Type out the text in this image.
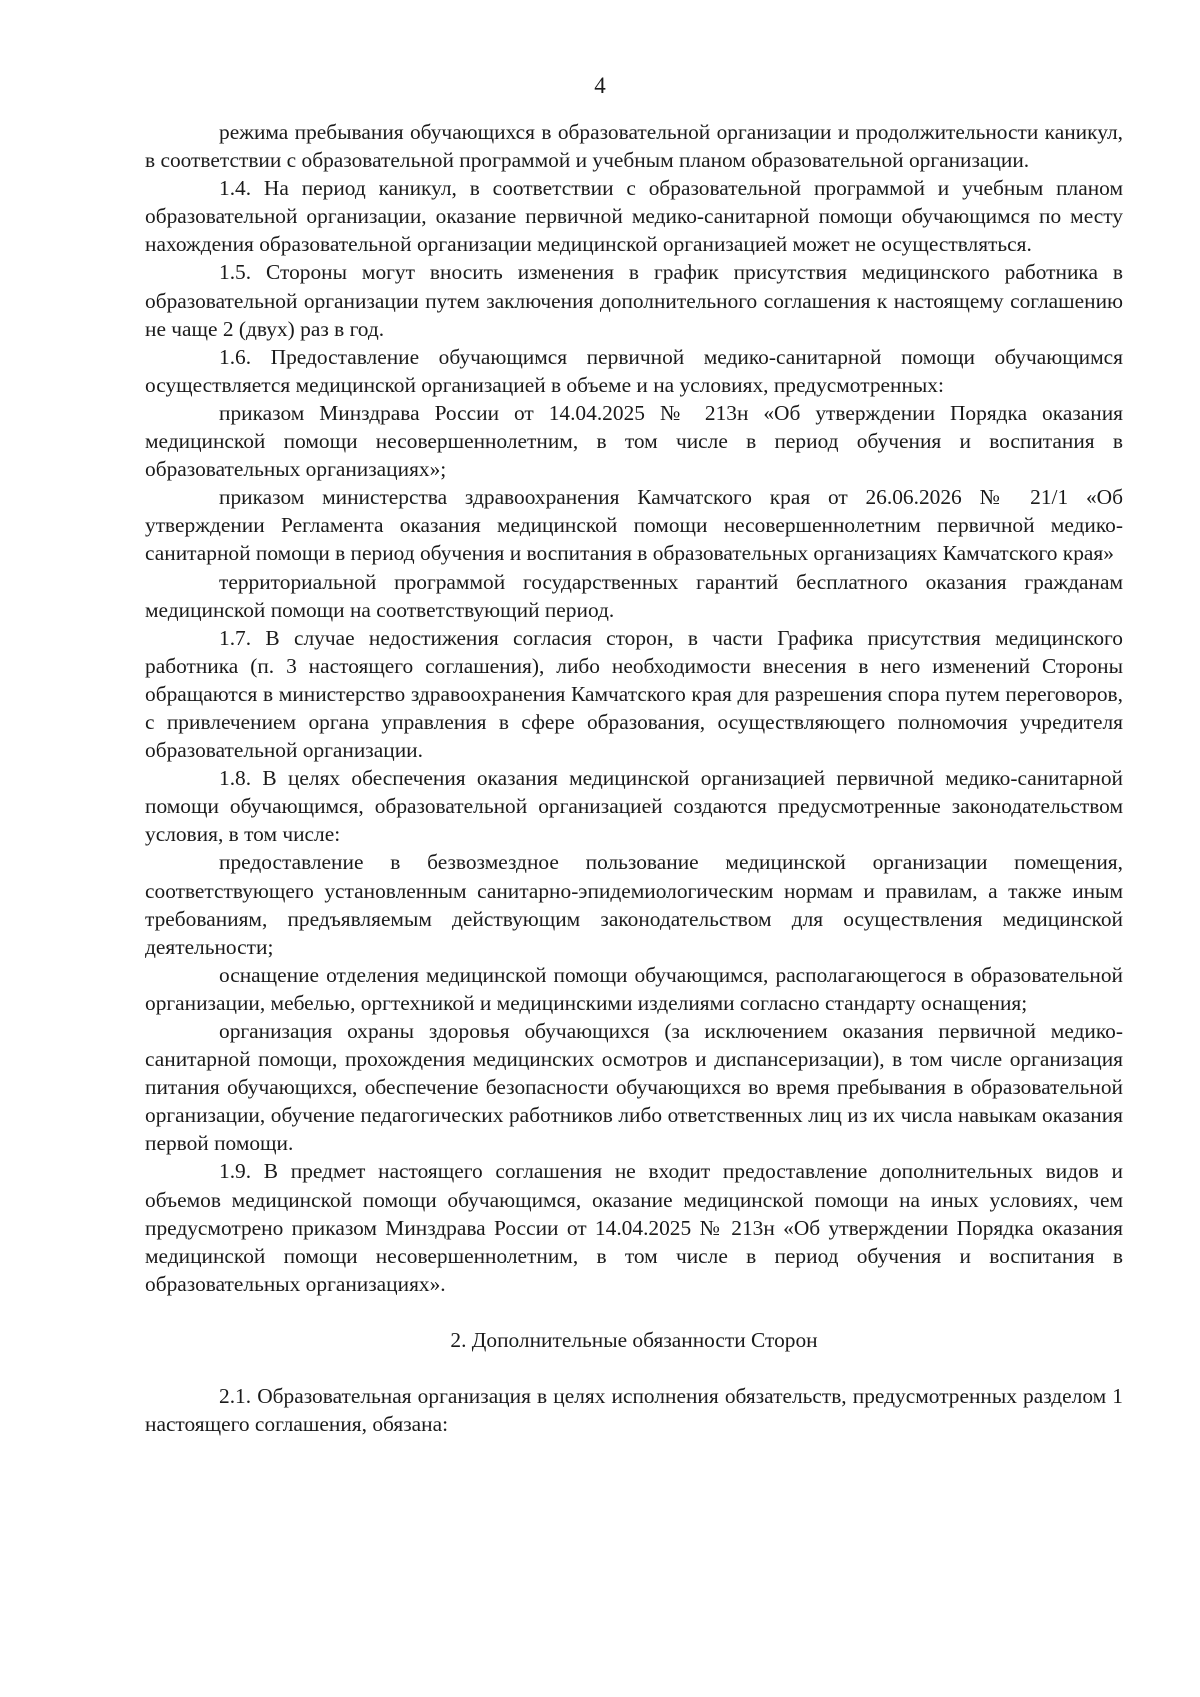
4

режима пребывания обучающихся в образовательной организации и продолжительности каникул, в соответствии с образовательной программой и учебным планом образовательной организации.

1.4. На период каникул, в соответствии с образовательной программой и учебным планом образовательной организации, оказание первичной медико-санитарной помощи обучающимся по месту нахождения образовательной организации медицинской организацией может не осуществляться.

1.5. Стороны могут вносить изменения в график присутствия медицинского работника в образовательной организации путем заключения дополнительного соглашения к настоящему соглашению не чаще 2 (двух) раз в год.

1.6. Предоставление обучающимся первичной медико-санитарной помощи обучающимся осуществляется медицинской организацией в объеме и на условиях, предусмотренных:

приказом Минздрава России от 14.04.2025 № 213н «Об утверждении Порядка оказания медицинской помощи несовершеннолетним, в том числе в период обучения и воспитания в образовательных организациях»;

приказом министерства здравоохранения Камчатского края от 26.06.2026 № 21/1 «Об утверждении Регламента оказания медицинской помощи несовершеннолетним первичной медико-санитарной помощи в период обучения и воспитания в образовательных организациях Камчатского края»

территориальной программой государственных гарантий бесплатного оказания гражданам медицинской помощи на соответствующий период.

1.7. В случае недостижения согласия сторон, в части Графика присутствия медицинского работника (п. 3 настоящего соглашения), либо необходимости внесения в него изменений Стороны обращаются в министерство здравоохранения Камчатского края для разрешения спора путем переговоров, с привлечением органа управления в сфере образования, осуществляющего полномочия учредителя образовательной организации.

1.8. В целях обеспечения оказания медицинской организацией первичной медико-санитарной помощи обучающимся, образовательной организацией создаются предусмотренные законодательством условия, в том числе:

предоставление в безвозмездное пользование медицинской организации помещения, соответствующего установленным санитарно-эпидемиологическим нормам и правилам, а также иным требованиям, предъявляемым действующим законодательством для осуществления медицинской деятельности;

оснащение отделения медицинской помощи обучающимся, располагающегося в образовательной организации, мебелью, оргтехникой и медицинскими изделиями согласно стандарту оснащения;

организация охраны здоровья обучающихся (за исключением оказания первичной медико-санитарной помощи, прохождения медицинских осмотров и диспансеризации), в том числе организация питания обучающихся, обеспечение безопасности обучающихся во время пребывания в образовательной организации, обучение педагогических работников либо ответственных лиц из их числа навыкам оказания первой помощи.

1.9. В предмет настоящего соглашения не входит предоставление дополнительных видов и объемов медицинской помощи обучающимся, оказание медицинской помощи на иных условиях, чем предусмотрено приказом Минздрава России от 14.04.2025 № 213н «Об утверждении Порядка оказания медицинской помощи несовершеннолетним, в том числе в период обучения и воспитания в образовательных организациях».

2. Дополнительные обязанности Сторон

2.1. Образовательная организация в целях исполнения обязательств, предусмотренных разделом 1 настоящего соглашения, обязана:
